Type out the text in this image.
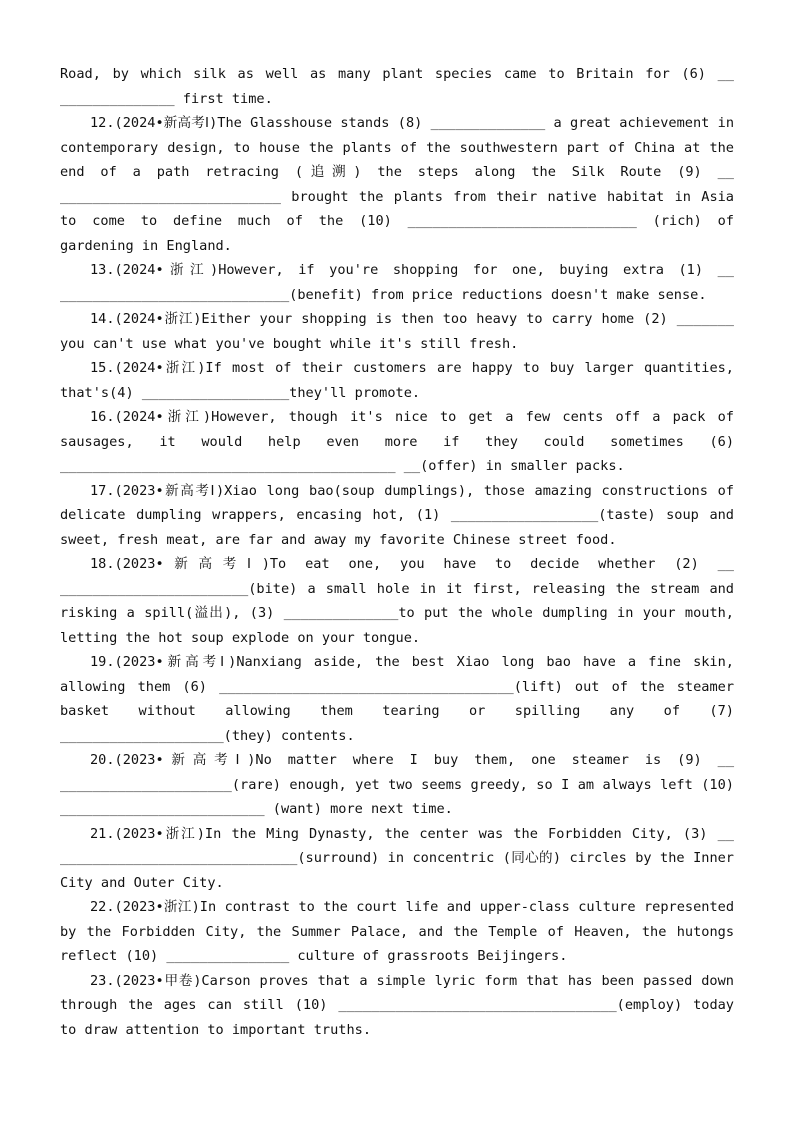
Road, by which silk as well as many plant species came to Britain for (6) __ ______________ first time.

12.(2024•新高考Ⅰ)The Glasshouse stands (8) ______________ a great achievement in contemporary design, to house the plants of the southwestern part of China at the end of a path retracing (追溯) the steps along the Silk Route (9) __ ___________________________ brought the plants from their native habitat in Asia to come to define much of the (10) ____________________________ (rich) of gardening in England.

13.(2024•浙江)However, if you're shopping for one, buying extra (1) __ ____________________________(benefit) from price reductions doesn't make sense.

14.(2024•浙江)Either your shopping is then too heavy to carry home (2) _______ you can't use what you've bought while it's still fresh.

15.(2024•浙江)If most of their customers are happy to buy larger quantities, that's(4) __________________they'll promote.

16.(2024•浙江)However, though it's nice to get a few cents off a pack of sausages, it would help even more if they could sometimes (6) _________________________________________ __(offer) in smaller packs.

17.(2023•新高考Ⅰ)Xiao long bao(soup dumplings), those amazing constructions of delicate dumpling wrappers, encasing hot, (1) __________________(taste) soup and sweet, fresh meat, are far and away my favorite Chinese street food.

18.(2023•新高考Ⅰ)To eat one, you have to decide whether (2) __ _______________________(bite) a small hole in it first, releasing the stream and risking a spill(溢出), (3) ______________to put the whole dumpling in your mouth, letting the hot soup explode on your tongue.

19.(2023•新高考Ⅰ)Nanxiang aside, the best Xiao long bao have a fine skin, allowing them (6) ____________________________________(lift) out of the steamer basket without allowing them tearing or spilling any of (7) ____________________(they) contents.

20.(2023•新高考Ⅰ)No matter where I buy them, one steamer is (9) __ _____________________(rare) enough, yet two seems greedy, so I am always left (10) _________________________ (want) more next time.

21.(2023•浙江)In the Ming Dynasty, the center was the Forbidden City, (3) __ _____________________________(surround) in concentric (同心的) circles by the Inner City and Outer City.

22.(2023•浙江)In contrast to the court life and upper-class culture represented by the Forbidden City, the Summer Palace, and the Temple of Heaven, the hutongs reflect (10) _______________ culture of grassroots Beijingers.

23.(2023•甲卷)Carson proves that a simple lyric form that has been passed down through the ages can still (10) __________________________________(employ) today to draw attention to important truths.
